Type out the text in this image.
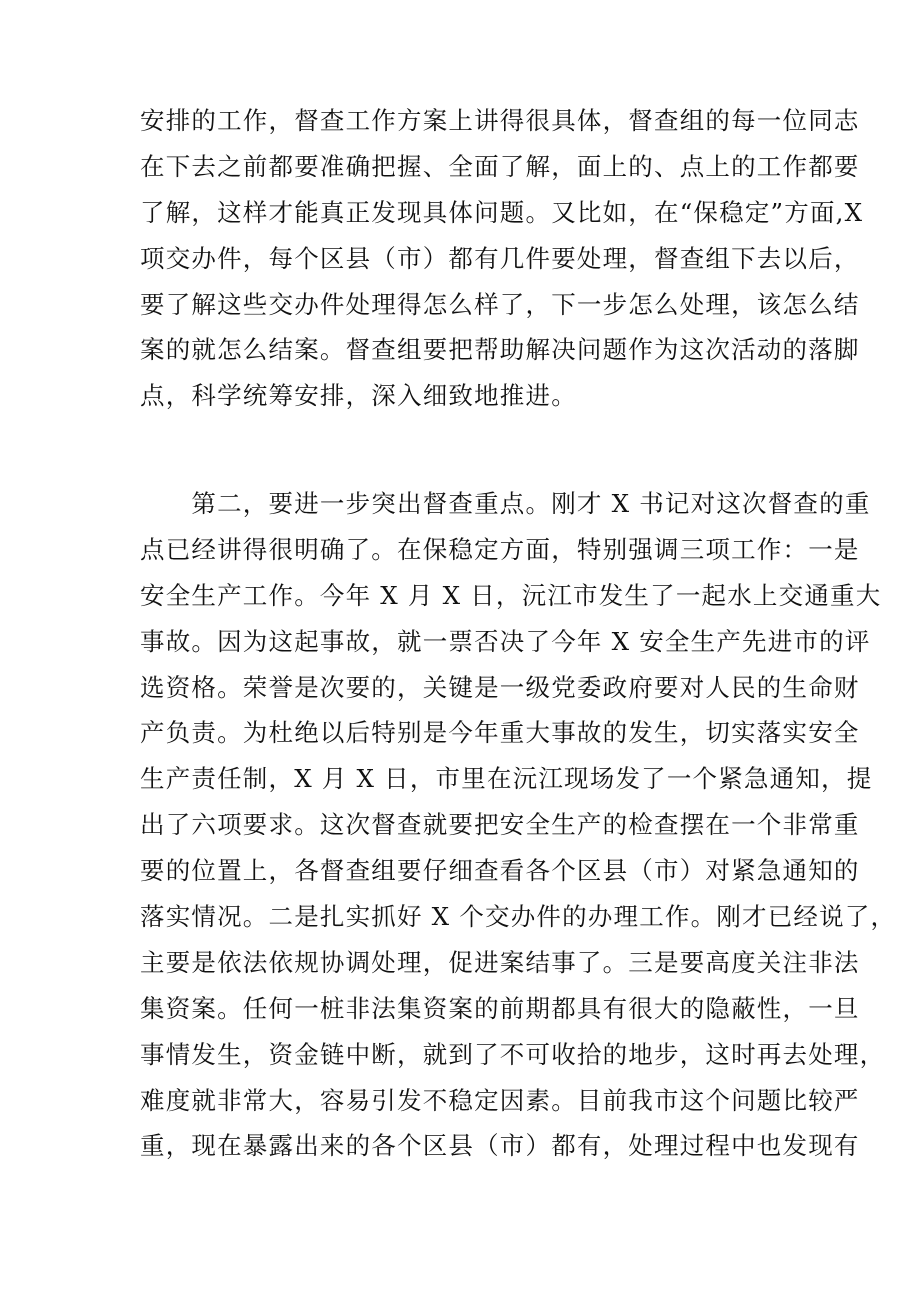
安排的工作，督查工作方案上讲得很具体，督查组的每一位同志
在下去之前都要准确把握、全面了解，面上的、点上的工作都要
了解，这样才能真正发现具体问题。又比如，在“保稳定”方面,X
项交办件，每个区县（市）都有几件要处理，督查组下去以后，
要了解这些交办件处理得怎么样了，下一步怎么处理，该怎么结
案的就怎么结案。督查组要把帮助解决问题作为这次活动的落脚
点，科学统筹安排，深入细致地推进。
　　第二，要进一步突出督查重点。刚才 X 书记对这次督查的重
点已经讲得很明确了。在保稳定方面，特别强调三项工作：一是
安全生产工作。今年 X 月 X 日，沅江市发生了一起水上交通重大
事故。因为这起事故，就一票否决了今年 X 安全生产先进市的评
选资格。荣誉是次要的，关键是一级党委政府要对人民的生命财
产负责。为杜绝以后特别是今年重大事故的发生，切实落实安全
生产责任制，X 月 X 日，市里在沅江现场发了一个紧急通知，提
出了六项要求。这次督查就要把安全生产的检查摆在一个非常重
要的位置上，各督查组要仔细查看各个区县（市）对紧急通知的
落实情况。二是扎实抓好 X 个交办件的办理工作。刚才已经说了，
主要是依法依规协调处理，促进案结事了。三是要高度关注非法
集资案。任何一桩非法集资案的前期都具有很大的隐蔽性，一旦
事情发生，资金链中断，就到了不可收拾的地步，这时再去处理，
难度就非常大，容易引发不稳定因素。目前我市这个问题比较严
重，现在暴露出来的各个区县（市）都有，处理过程中也发现有
